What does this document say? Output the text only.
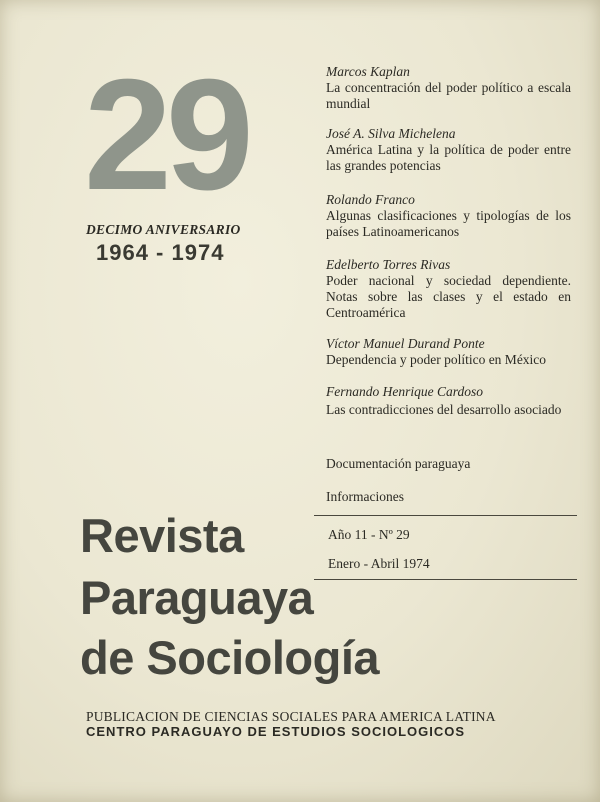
29
DECIMO ANIVERSARIO
1964 - 1974
Marcos Kaplan
La concentración del poder político a escala mundial
José A. Silva Michelena
América Latina y la política de poder entre las grandes potencias
Rolando Franco
Algunas clasificaciones y tipologías de los países Latinoamericanos
Edelberto Torres Rivas
Poder nacional y sociedad dependiente. Notas sobre las clases y el estado en Centroamérica
Víctor Manuel Durand Ponte
Dependencia y poder político en México
Fernando Henrique Cardoso
Las contradicciones del desarrollo asociado
Documentación paraguaya
Informaciones
Año 11 - Nº 29
Enero - Abril 1974
Revista
Paraguaya
de Sociología
PUBLICACION DE CIENCIAS SOCIALES PARA AMERICA LATINA
CENTRO PARAGUAYO DE ESTUDIOS SOCIOLOGICOS
